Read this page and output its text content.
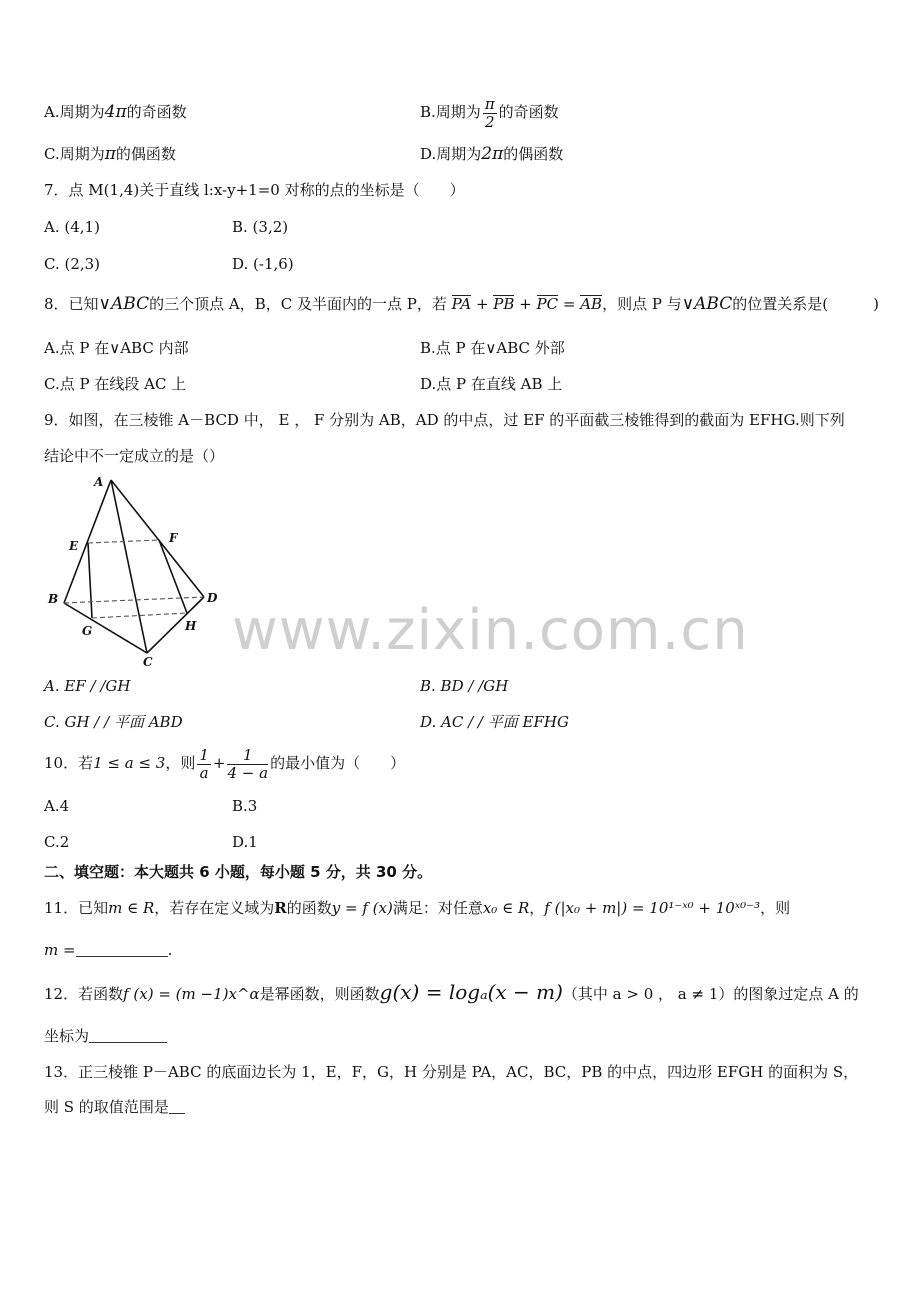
A.周期为4π的奇函数	B.周期为 $\frac{\pi}{2}$ 的奇函数
C.周期为π的偶函数	D.周期为2π的偶函数
7．点 M(1,4)关于直线 l:x-y+1=0 对称的点的坐标是（　　）
A. (4,1)	B. (3,2)
C. (2,3)	D. (-1,6)
8．已知∨ABC的三个顶点 A，B，C 及半面内的一点 P，若 PA + PB + PC = AB，则点 P 与∨ABC的位置关系是(　　　)
A.点 P 在∨ABC 内部	B.点 P 在∨ABC 外部
C.点 P 在线段 AC 上	D.点 P 在直线 AB 上
9．如图，在三棱锥 A－BCD 中， E ， F 分别为 AB，AD 的中点，过 EF 的平面截三棱锥得到的截面为 EFHG.则下列
结论中不一定成立的是（）
A
E
F
B	D
G	H
C www.zixin.com.cn
A. EF / /GH	B. BD / /GH
C. GH / / 平面 ABD	D. AC / / 平面 EFHG
10．若1 ≤ a ≤ 3，则 $\frac{1}{a} + \frac{1}{4 - a}$ 的最小值为（　　）
A.4	B.3
C.2	D.1
二、填空题：本大题共 6 小题，每小题 5 分，共 30 分。
11．已知m ∈ R，若存在定义域为R的函数y = f (x)满足：对任意x₀ ∈ R，f (|x₀ + m|) = 10¹⁻ˣ⁰ + 10ˣ⁰⁻³，则
m =	.
12．若函数f (x) = (m −1)x^α是幂函数，则函数g(x) = logₐ(x − m)（其中 a > 0 ， a ≠ 1）的图象过定点 A 的
坐标为
13．正三棱锥 P－ABC 的底面边长为 1，E，F，G，H 分别是 PA，AC，BC，PB 的中点，四边形 EFGH 的面积为 S，
则 S 的取值范围是
